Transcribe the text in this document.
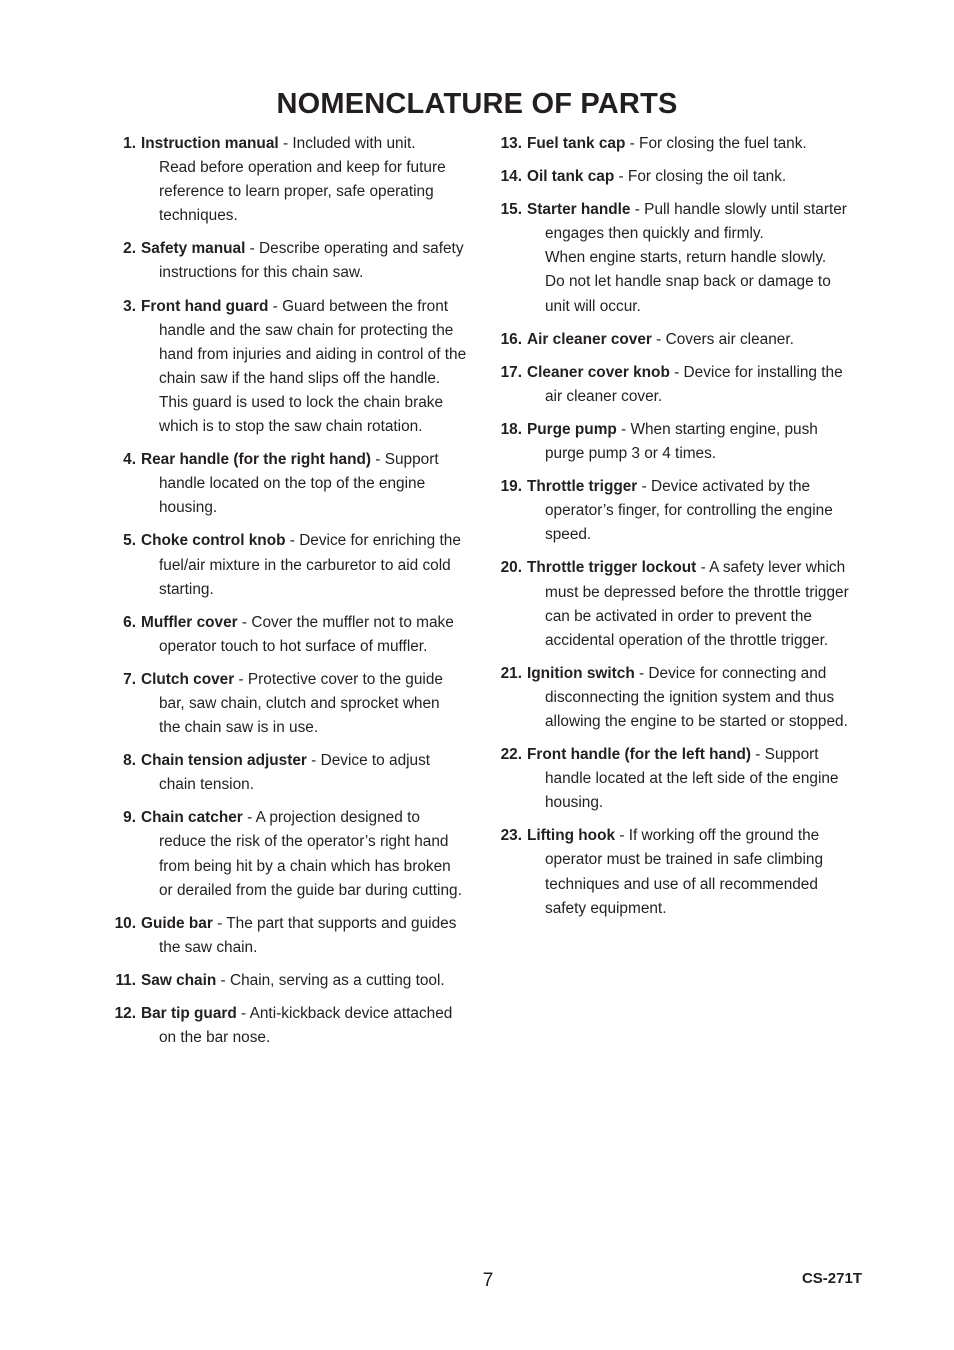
NOMENCLATURE OF PARTS
1. Instruction manual - Included with unit.
Read before operation and keep for future
reference to learn proper, safe operating
techniques.
2. Safety manual - Describe operating and safety
instructions for this chain saw.
3. Front hand guard - Guard between the front
handle and the saw chain for protecting the
hand from injuries and aiding in control of the
chain saw if the hand slips off the handle.
This guard is used to lock the chain brake
which is to stop the saw chain rotation.
4. Rear handle (for the right hand) - Support
handle located on the top of the engine
housing.
5. Choke control knob - Device for enriching the
fuel/air mixture in the carburetor to aid cold
starting.
6. Muffler cover - Cover the muffler not to make
operator touch to hot surface of muffler.
7. Clutch cover - Protective cover to the guide
bar, saw chain, clutch and sprocket when
the chain saw is in use.
8. Chain tension adjuster - Device to adjust
chain tension.
9. Chain catcher - A projection designed to
reduce the risk of the operator’s right hand
from being hit by a chain which has broken
or derailed from the guide bar during cutting.
10. Guide bar - The part that supports and guides
the saw chain.
11. Saw chain - Chain, serving as a cutting tool.
12. Bar tip guard - Anti-kickback device attached
on the bar nose.
13. Fuel tank cap - For closing the fuel tank.
14. Oil tank cap - For closing the oil tank.
15. Starter handle - Pull handle slowly until starter
engages then quickly and firmly.
When engine starts, return handle slowly.
Do not let handle snap back or damage to
unit will occur.
16. Air cleaner cover - Covers air cleaner.
17. Cleaner cover knob - Device for installing the
air cleaner cover.
18. Purge pump - When starting engine, push
purge pump 3 or 4 times.
19. Throttle trigger - Device activated by the
operator’s finger, for controlling the engine
speed.
20. Throttle trigger lockout - A safety lever which
must be depressed before the throttle trigger
can be activated in order to prevent the
accidental operation of the throttle trigger.
21. Ignition switch - Device for connecting and
disconnecting the ignition system and thus
allowing the engine to be started or stopped.
22. Front handle (for the left hand) - Support
handle located at the left side of the engine
housing.
23. Lifting hook - If working off the ground the
operator must be trained in safe climbing
techniques and use of all recommended
safety equipment.
7	CS-271T
